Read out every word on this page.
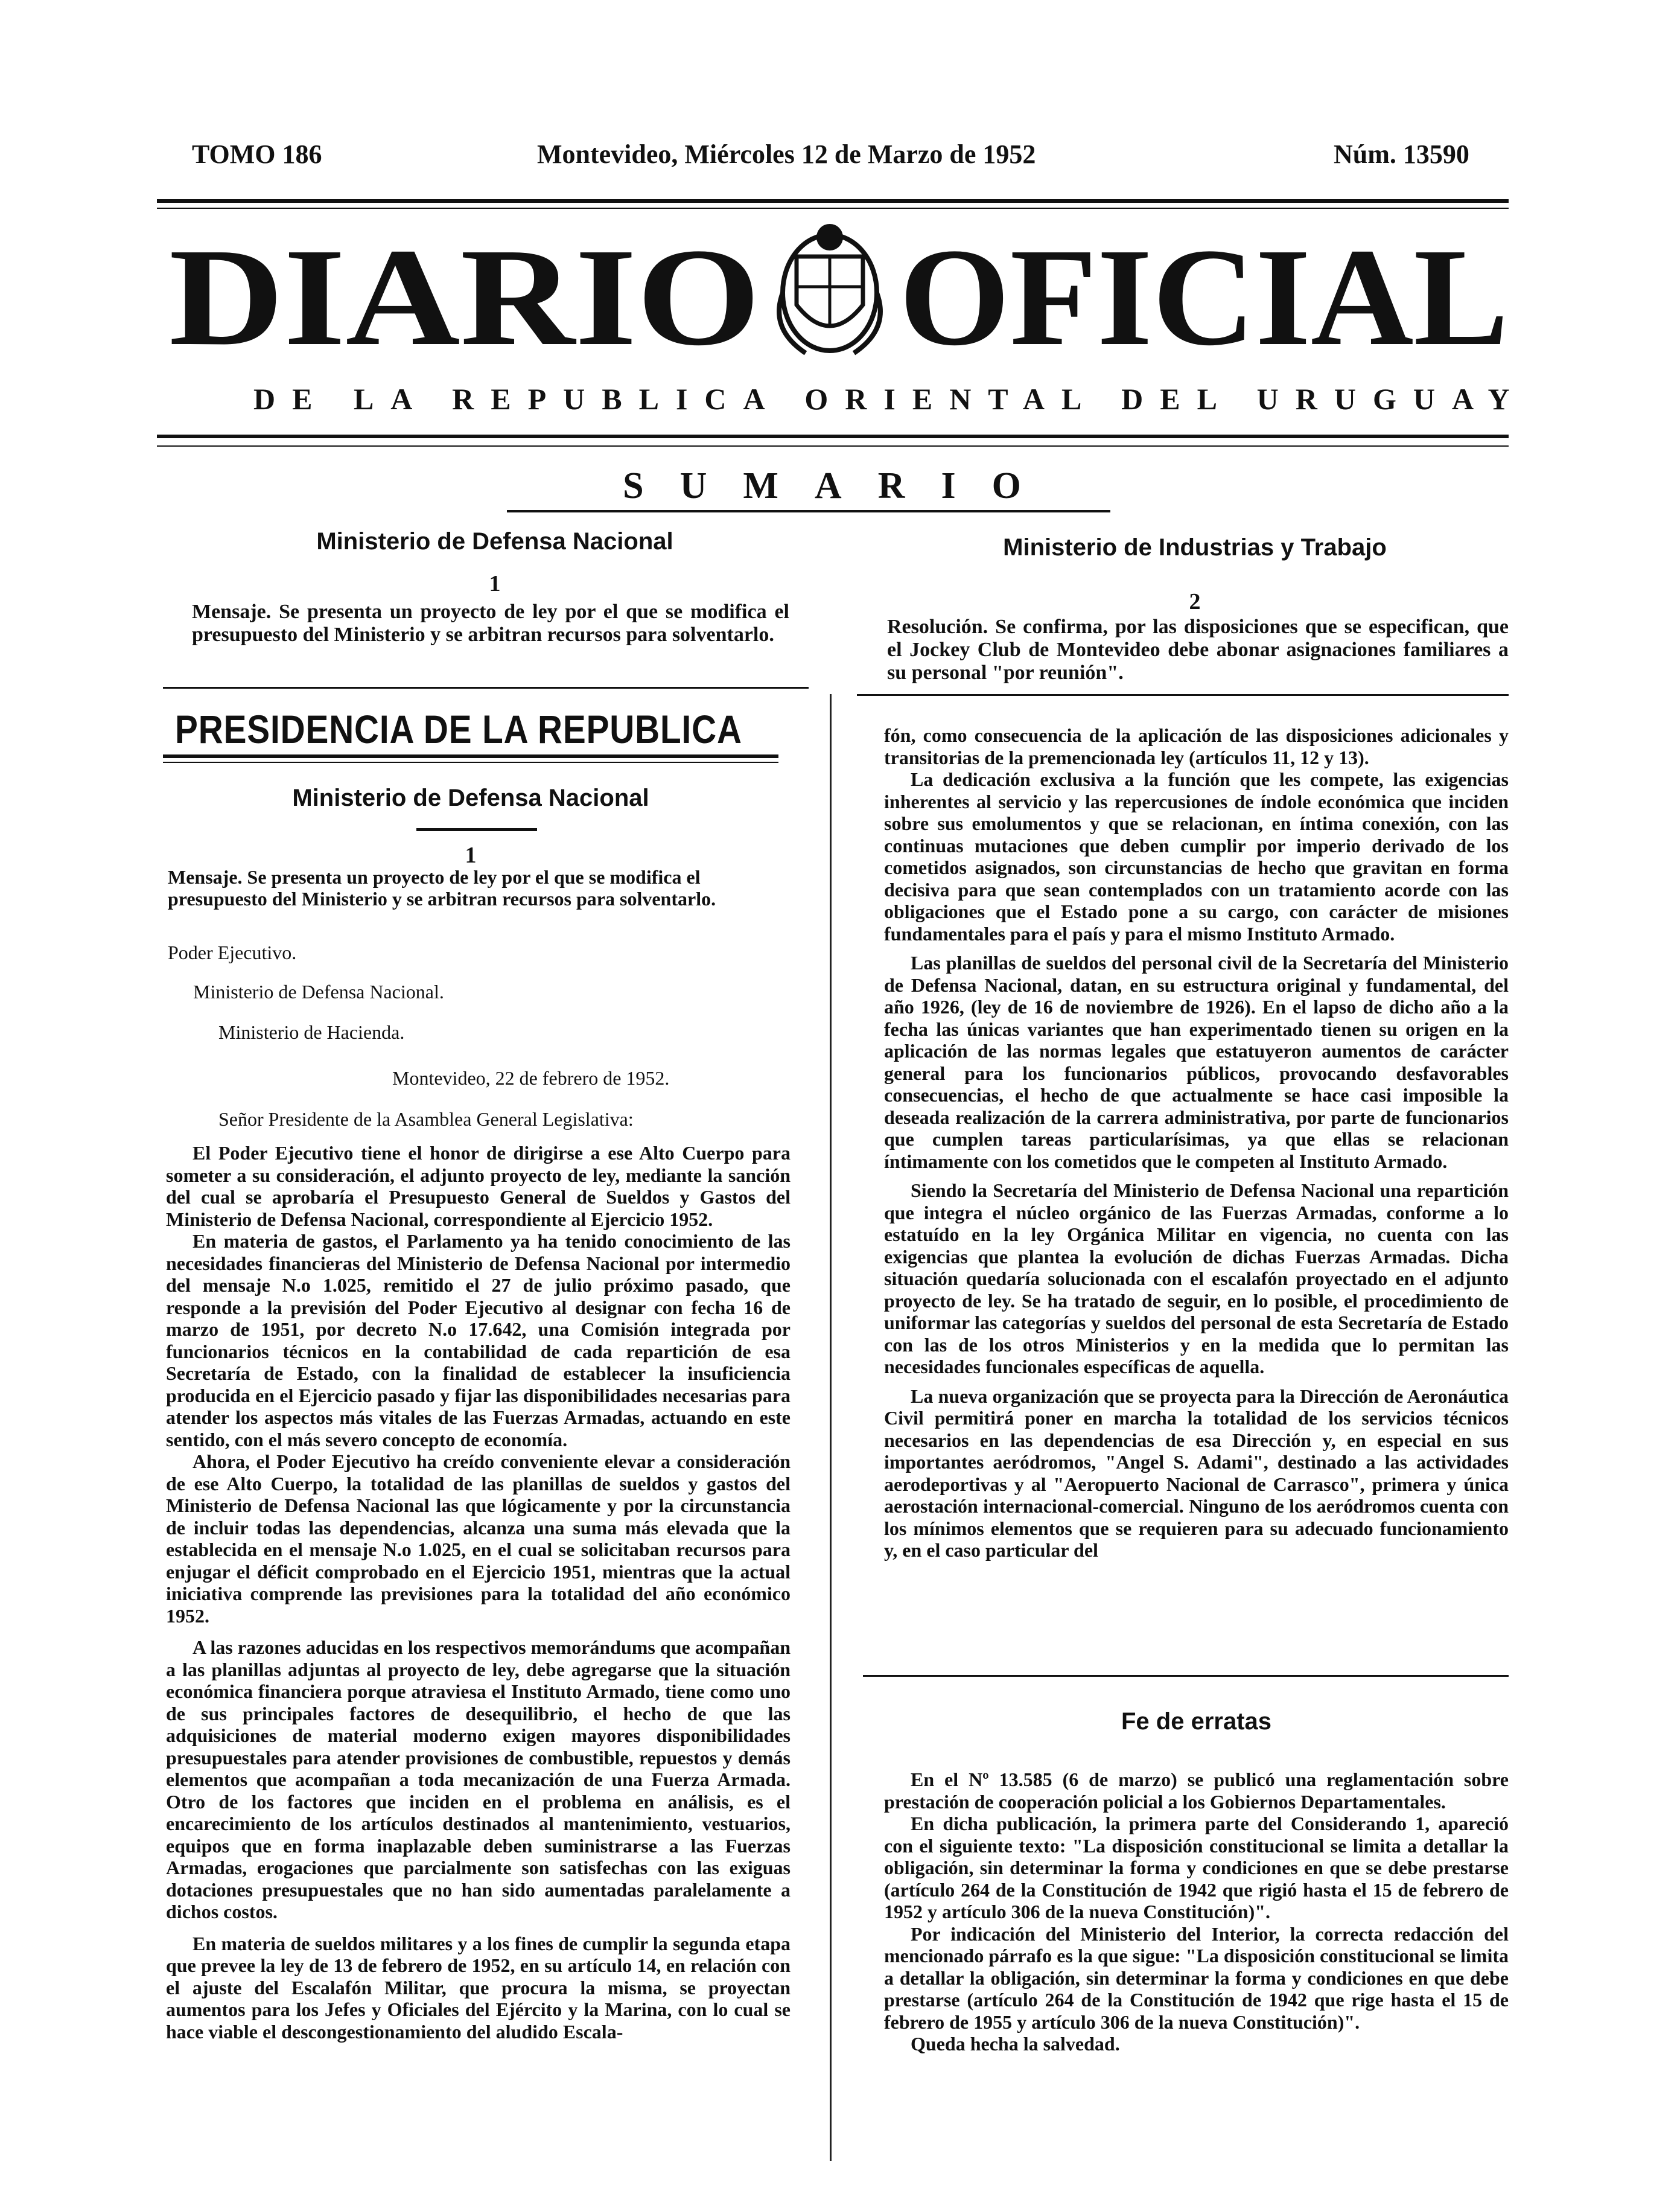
TOMO 186	Montevideo, Miércoles 12 de Marzo de 1952	Núm. 13590
DIARIO OFICIAL
DE LA REPUBLICA ORIENTAL DEL URUGUAY
SUMARIO
Ministerio de Defensa Nacional
1
Mensaje. Se presenta un proyecto de ley por el que se modifica el presupuesto del Ministerio y se arbitran recursos para solventarlo.
Ministerio de Industrias y Trabajo
2
Resolución. Se confirma, por las disposiciones que se especifican, que el Jockey Club de Montevideo debe abonar asignaciones familiares a su personal "por reunión".
PRESIDENCIA DE LA REPUBLICA
Ministerio de Defensa Nacional
1
Mensaje. Se presenta un proyecto de ley por el que se modifica el presupuesto del Ministerio y se arbitran recursos para solventarlo.
Poder Ejecutivo.
Ministerio de Defensa Nacional.
Ministerio de Hacienda.
Montevideo, 22 de febrero de 1952.
Señor Presidente de la Asamblea General Legislativa:

El Poder Ejecutivo tiene el honor de dirigirse a ese Alto Cuerpo para someter a su consideración, el adjunto proyecto de ley, mediante la sanción del cual se aprobaría el Presupuesto General de Sueldos y Gastos del Ministerio de Defensa Nacional, correspondiente al Ejercicio 1952.

En materia de gastos, el Parlamento ya ha tenido conocimiento de las necesidades financieras del Ministerio de Defensa Nacional por intermedio del mensaje N.o 1.025, remitido el 27 de julio próximo pasado, que responde a la previsión del Poder Ejecutivo al designar con fecha 16 de marzo de 1951, por decreto N.o 17.642, una Comisión integrada por funcionarios técnicos en la contabilidad de cada repartición de esa Secretaría de Estado, con la finalidad de establecer la insuficiencia producida en el Ejercicio pasado y fijar las disponibilidades necesarias para atender los aspectos más vitales de las Fuerzas Armadas, actuando en este sentido, con el más severo concepto de economía.

Ahora, el Poder Ejecutivo ha creído conveniente elevar a consideración de ese Alto Cuerpo, la totalidad de las planillas de sueldos y gastos del Ministerio de Defensa Nacional las que lógicamente y por la circunstancia de incluir todas las dependencias, alcanza una suma más elevada que la establecida en el mensaje N.o 1.025, en el cual se solicitaban recursos para enjugar el déficit comprobado en el Ejercicio 1951, mientras que la actual iniciativa comprende las previsiones para la totalidad del año económico 1952.

A las razones aducidas en los respectivos memorándums que acompañan a las planillas adjuntas al proyecto de ley, debe agregarse que la situación económica financiera porque atraviesa el Instituto Armado, tiene como uno de sus principales factores de desequilibrio, el hecho de que las adquisiciones de material moderno exigen mayores disponibilidades presupuestales para atender provisiones de combustible, repuestos y demás elementos que acompañan a toda mecanización de una Fuerza Armada. Otro de los factores que inciden en el problema en análisis, es el encarecimiento de los artículos destinados al mantenimiento, vestuarios, equipos que en forma inaplazable deben suministrarse a las Fuerzas Armadas, erogaciones que parcialmente son satisfechas con las exiguas dotaciones presupuestales que no han sido aumentadas paralelamente a dichos costos.

En materia de sueldos militares y a los fines de cumplir la segunda etapa que prevee la ley de 13 de febrero de 1952, en su artículo 14, en relación con el ajuste del Escalafón Militar, que procura la misma, se proyectan aumentos para los Jefes y Oficiales del Ejército y la Marina, con lo cual se hace viable el descongestionamiento del aludido Escala-

fón, como consecuencia de la aplicación de las disposiciones adicionales y transitorias de la premencionada ley (artículos 11, 12 y 13).

La dedicación exclusiva a la función que les compete, las exigencias inherentes al servicio y las repercusiones de índole económica que inciden sobre sus emolumentos y que se relacionan, en íntima conexión, con las continuas mutaciones que deben cumplir por imperio derivado de los cometidos asignados, son circunstancias de hecho que gravitan en forma decisiva para que sean contemplados con un tratamiento acorde con las obligaciones que el Estado pone a su cargo, con carácter de misiones fundamentales para el país y para el mismo Instituto Armado.

Las planillas de sueldos del personal civil de la Secretaría del Ministerio de Defensa Nacional, datan, en su estructura original y fundamental, del año 1926, (ley de 16 de noviembre de 1926). En el lapso de dicho año a la fecha las únicas variantes que han experimentado tienen su origen en la aplicación de las normas legales que estatuyeron aumentos de carácter general para los funcionarios públicos, provocando desfavorables consecuencias, el hecho de que actualmente se hace casi imposible la deseada realización de la carrera administrativa, por parte de funcionarios que cumplen tareas particularísimas, ya que ellas se relacionan íntimamente con los cometidos que le competen al Instituto Armado.

Siendo la Secretaría del Ministerio de Defensa Nacional una repartición que integra el núcleo orgánico de las Fuerzas Armadas, conforme a lo estatuído en la ley Orgánica Militar en vigencia, no cuenta con las exigencias que plantea la evolución de dichas Fuerzas Armadas. Dicha situación quedaría solucionada con el escalafón proyectado en el adjunto proyecto de ley. Se ha tratado de seguir, en lo posible, el procedimiento de uniformar las categorías y sueldos del personal de esta Secretaría de Estado con las de los otros Ministerios y en la medida que lo permitan las necesidades funcionales específicas de aquella.

La nueva organización que se proyecta para la Dirección de Aeronáutica Civil permitirá poner en marcha la totalidad de los servicios técnicos necesarios en las dependencias de esa Dirección y, en especial en sus importantes aeródromos, "Angel S. Adami", destinado a las actividades aerodeportivas y al "Aeropuerto Nacional de Carrasco", primera y única aerostación internacional-comercial. Ninguno de los aeródromos cuenta con los mínimos elementos que se requieren para su adecuado funcionamiento y, en el caso particular del

Fe de erratas

En el Nº 13.585 (6 de marzo) se publicó una reglamentación sobre prestación de cooperación policial a los Gobiernos Departamentales.

En dicha publicación, la primera parte del Considerando 1, apareció con el siguiente texto: "La disposición constitucional se limita a detallar la obligación, sin determinar la forma y condiciones en que se debe prestarse (artículo 264 de la Constitución de 1942 que rigió hasta el 15 de febrero de 1952 y artículo 306 de la nueva Constitución)".

Por indicación del Ministerio del Interior, la correcta redacción del mencionado párrafo es la que sigue: "La disposición constitucional se limita a detallar la obligación, sin determinar la forma y condiciones en que debe prestarse (artículo 264 de la Constitución de 1942 que rige hasta el 15 de febrero de 1955 y artículo 306 de la nueva Constitución)".

Queda hecha la salvedad.
